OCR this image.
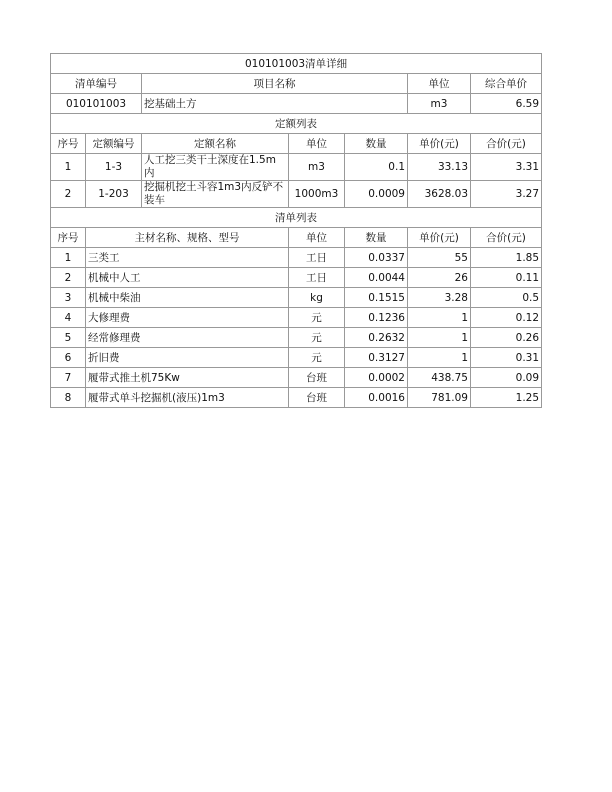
010101003清单详细						
清单编号		项目名称			单位	综合单价
010101003		挖基础土方			m3	6.59
定额列表						
序号	定额编号	定额名称	单位	数量	单价(元)	合价(元)
1	1-3	人工挖三类干土深度在1.5m内	m3	0.1	33.13	3.31
2	1-203	挖掘机挖土斗容1m3内反铲不装车	1000m3	0.0009	3628.03	3.27
清单列表						
序号	主材名称、规格、型号		单位	数量	单价(元)	合价(元)
1	三类工		工日	0.0337	55	1.85
2	机械中人工		工日	0.0044	26	0.11
3	机械中柴油		kg	0.1515	3.28	0.5
4	大修理费		元	0.1236	1	0.12
5	经常修理费		元	0.2632	1	0.26
6	折旧费		元	0.3127	1	0.31
7	履带式推土机75Kw		台班	0.0002	438.75	0.09
8	履带式单斗挖掘机(液压)1m3		台班	0.0016	781.09	1.25
